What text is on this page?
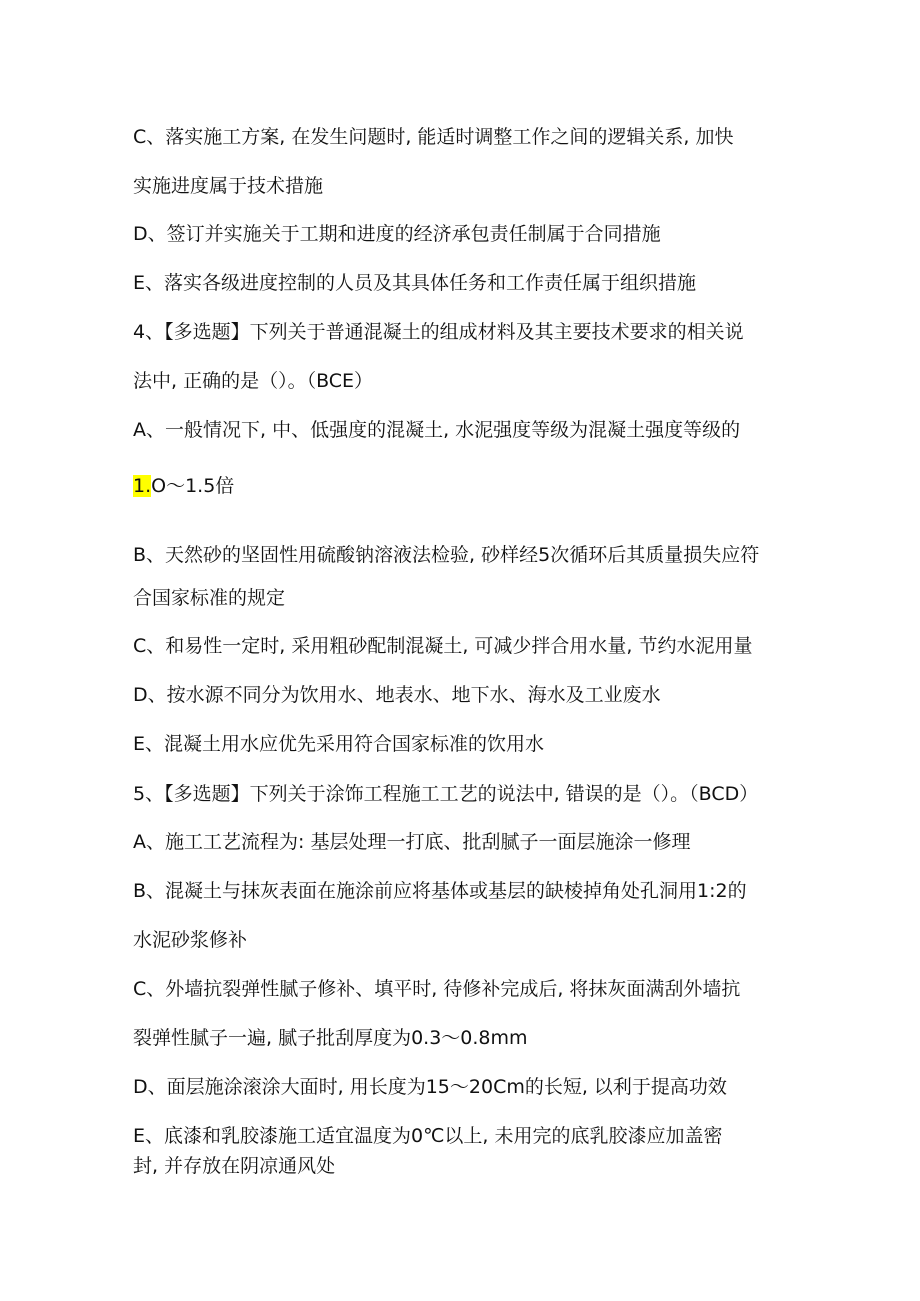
C、落实施工方案, 在发生问题时, 能适时调整工作之间的逻辑关系, 加快
实施进度属于技术措施
D、签订并实施关于工期和进度的经济承包责任制属于合同措施
E、落实各级进度控制的人员及其具体任务和工作责任属于组织措施
4、【多选题】下列关于普通混凝土的组成材料及其主要技术要求的相关说
法中, 正确的是（）。（BCE）
A、一般情况下, 中、低强度的混凝土, 水泥强度等级为混凝土强度等级的
1.O～1.5倍
B、天然砂的坚固性用硫酸钠溶液法检验, 砂样经5次循环后其质量损失应符
合国家标准的规定
C、和易性一定时, 采用粗砂配制混凝土, 可减少拌合用水量, 节约水泥用量
D、按水源不同分为饮用水、地表水、地下水、海水及工业废水
E、混凝土用水应优先采用符合国家标准的饮用水
5、【多选题】下列关于涂饰工程施工工艺的说法中, 错误的是（）。（BCD）
A、施工工艺流程为: 基层处理一打底、批刮腻子一面层施涂一修理
B、混凝土与抹灰表面在施涂前应将基体或基层的缺棱掉角处孔洞用1:2的
水泥砂浆修补
C、外墙抗裂弹性腻子修补、填平时, 待修补完成后, 将抹灰面满刮外墙抗
裂弹性腻子一遍, 腻子批刮厚度为0.3～0.8mm
D、面层施涂滚涂大面时, 用长度为15～20Cm的长短, 以利于提高功效
E、底漆和乳胶漆施工适宜温度为0℃以上, 未用完的底乳胶漆应加盖密
封, 并存放在阴凉通风处
